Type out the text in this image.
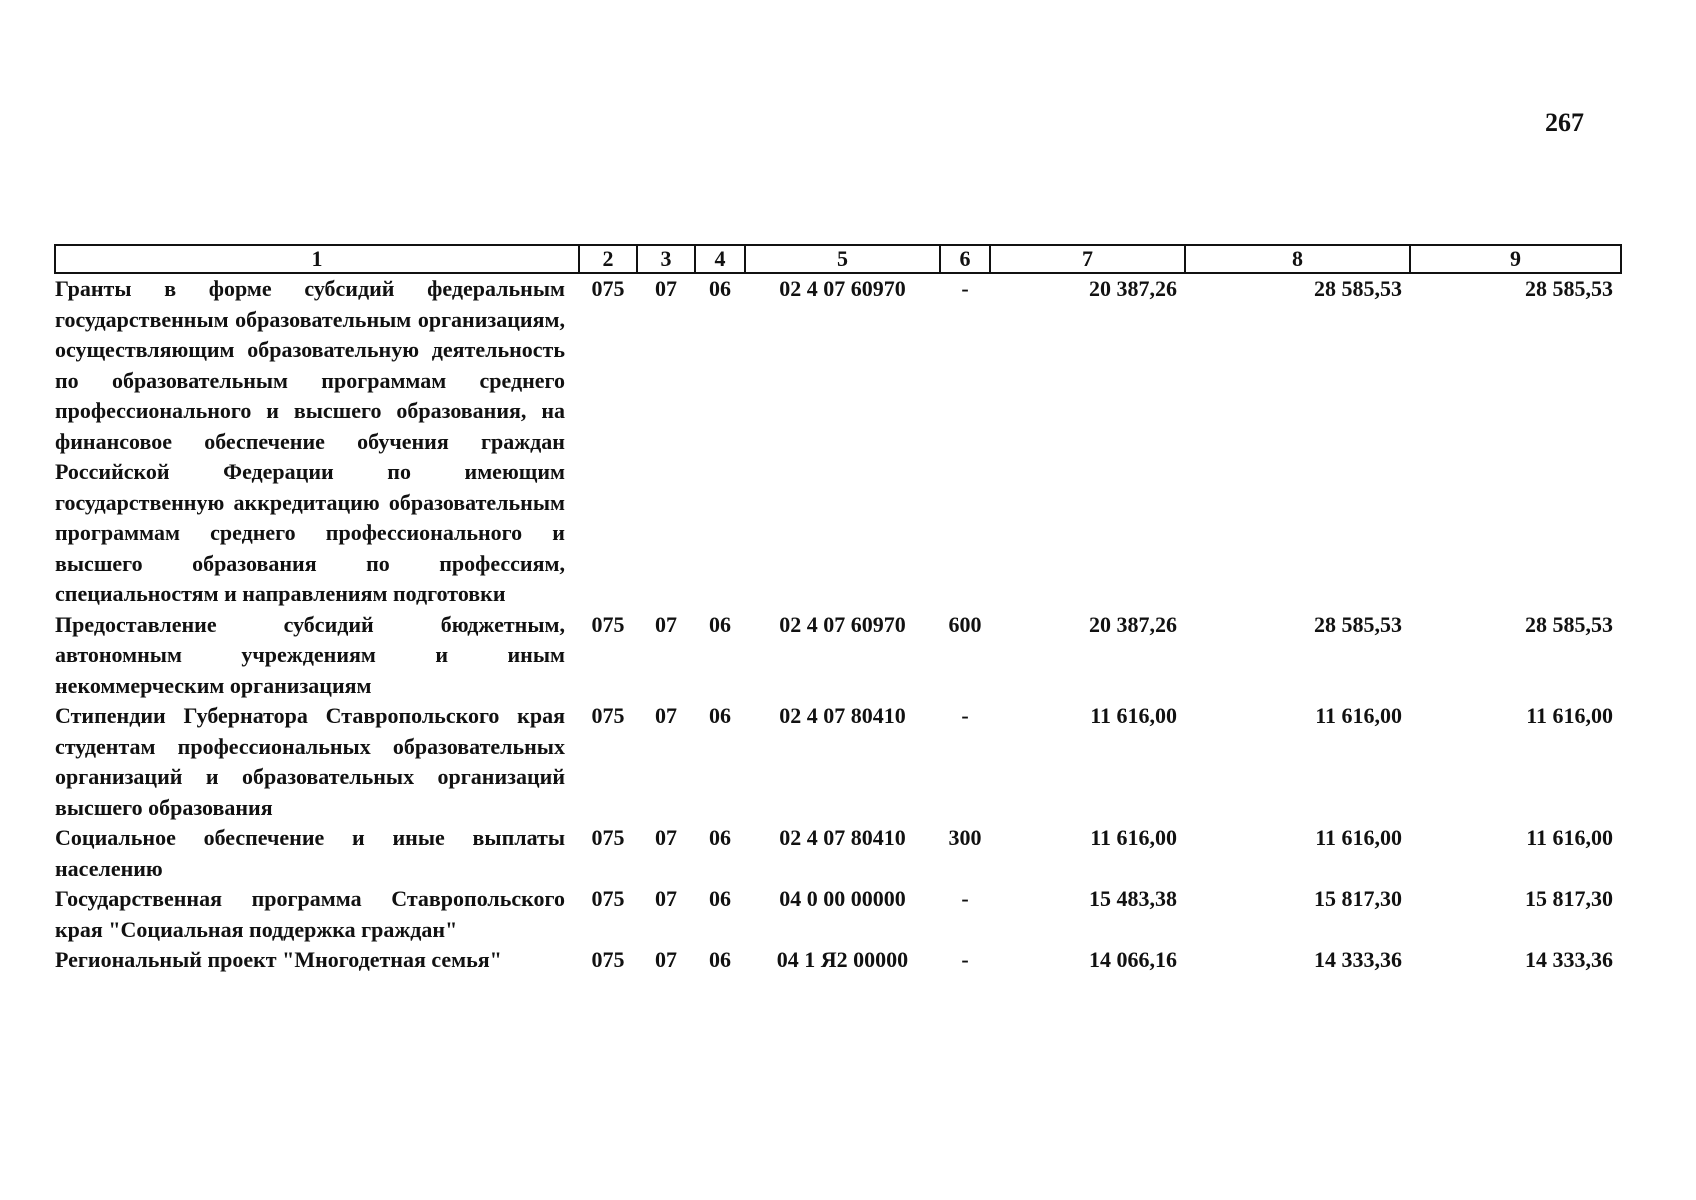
267
1	2	3	4	5	6	7	8	9
Гранты в форме субсидий федеральным государственным образовательным организациям, осуществляющим образовательную деятельность по образовательным программам среднего профессионального и высшего образования, на финансовое обеспечение обучения граждан Российской Федерации по имеющим государственную аккредитацию образовательным программам среднего профессионального и высшего образования по профессиям, специальностям и направлениям подготовки	075	07	06	02 4 07 60970	-	20 387,26	28 585,53	28 585,53
Предоставление субсидий бюджетным, автономным учреждениям и иным некоммерческим организациям	075	07	06	02 4 07 60970	600	20 387,26	28 585,53	28 585,53
Стипендии Губернатора Ставропольского края студентам профессиональных образовательных организаций и образовательных организаций высшего образования	075	07	06	02 4 07 80410	-	11 616,00	11 616,00	11 616,00
Социальное обеспечение и иные выплаты населению	075	07	06	02 4 07 80410	300	11 616,00	11 616,00	11 616,00
Государственная программа Ставропольского края "Социальная поддержка граждан"	075	07	06	04 0 00 00000	-	15 483,38	15 817,30	15 817,30
Региональный проект "Многодетная семья"	075	07	06	04 1 Я2 00000	-	14 066,16	14 333,36	14 333,36
